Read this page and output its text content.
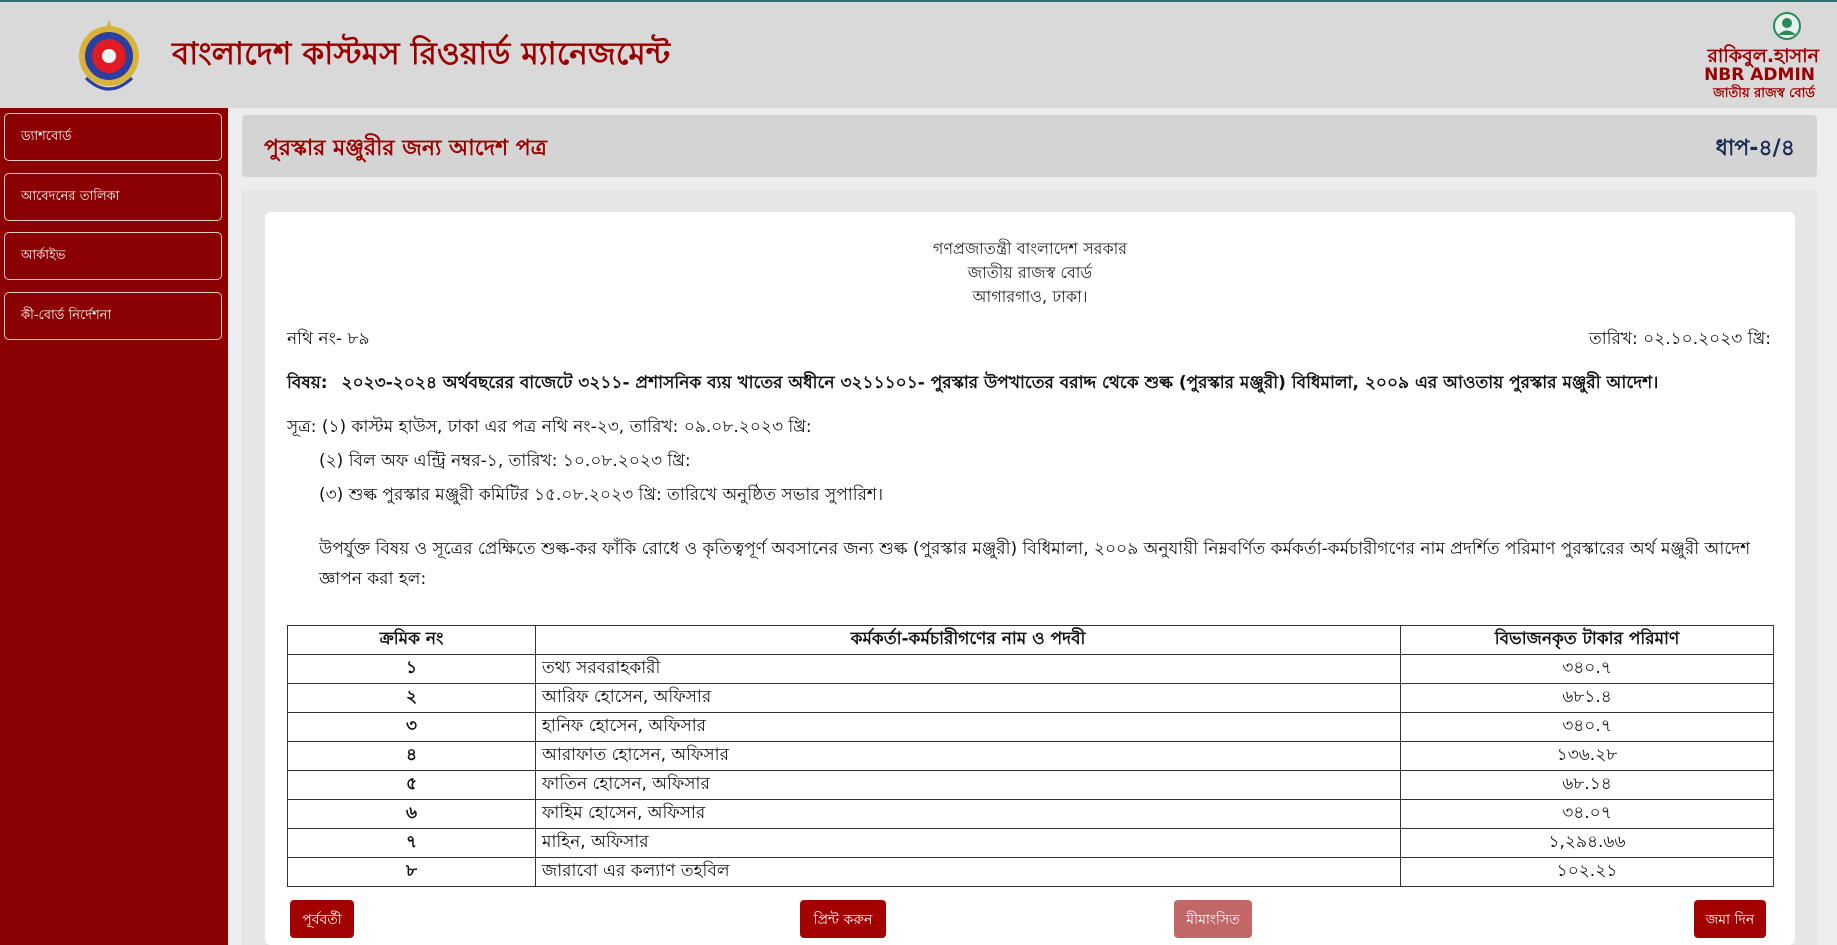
বাংলাদেশ কাস্টমস রিওয়ার্ড ম্যানেজমেন্ট	রাকিবুল.হাসান
NBR ADMIN
জাতীয় রাজস্ব বোর্ড
ড্যাশবোর্ড
আবেদনের তালিকা
আর্কাইভ
কী-বোর্ড নির্দেশনা
পুরস্কার মঞ্জুরীর জন্য আদেশ পত্র	ধাপ-৪/৪
গণপ্রজাতন্ত্রী বাংলাদেশ সরকার
জাতীয় রাজস্ব বোর্ড
আগারগাও, ঢাকা।
নথি নং- ৮৯	তারিখ: ০২.১০.২০২৩ খ্রি:
বিষয়: ২০২৩-২০২৪ অর্থবছরের বাজেটে ৩২১১- প্রশাসনিক ব্যয় খাতের অধীনে ৩২১১১০১- পুরস্কার উপখাতের বরাদ্দ থেকে শুল্ক (পুরস্কার মঞ্জুরী) বিধিমালা, ২০০৯ এর আওতায় পুরস্কার মঞ্জুরী আদেশ।
সূত্র: (১) কাস্টম হাউস, ঢাকা এর পত্র নথি নং-২৩, তারিখ: ০৯.০৮.২০২৩ খ্রি:
(২) বিল অফ এন্ট্রি নম্বর-১, তারিখ: ১০.০৮.২০২৩ খ্রি:
(৩) শুল্ক পুরস্কার মঞ্জুরী কমিটির ১৫.০৮.২০২৩ খ্রি: তারিখে অনুষ্ঠিত সভার সুপারিশ।
উপর্যুক্ত বিষয় ও সূত্রের প্রেক্ষিতে শুল্ক-কর ফাঁকি রোধে ও কৃতিত্বপূর্ণ অবসানের জন্য শুল্ক (পুরস্কার মঞ্জুরী) বিধিমালা, ২০০৯ অনুযায়ী নিম্নবর্ণিত কর্মকর্তা-কর্মচারীগণের নাম প্রদর্শিত পরিমাণ পুরস্কারের অর্থ মঞ্জুরী আদেশ জ্ঞাপন করা হল:
ক্রমিক নং	কর্মকর্তা-কর্মচারীগণের নাম ও পদবী	বিভাজনকৃত টাকার পরিমাণ
১	তথ্য সরবরাহকারী	৩৪০.৭
২	আরিফ হোসেন, অফিসার	৬৮১.৪
৩	হানিফ হোসেন, অফিসার	৩৪০.৭
৪	আরাফাত হোসেন, অফিসার	১৩৬.২৮
৫	ফাতিন হোসেন, অফিসার	৬৮.১৪
৬	ফাহিম হোসেন, অফিসার	৩৪.০৭
৭	মাহিন, অফিসার	১,২৯৪.৬৬
৮	জারাবো এর কল্যাণ তহবিল	১০২.২১
পূর্ববর্তী	প্রিন্ট করুন	মীমাংসিত	জমা দিন
